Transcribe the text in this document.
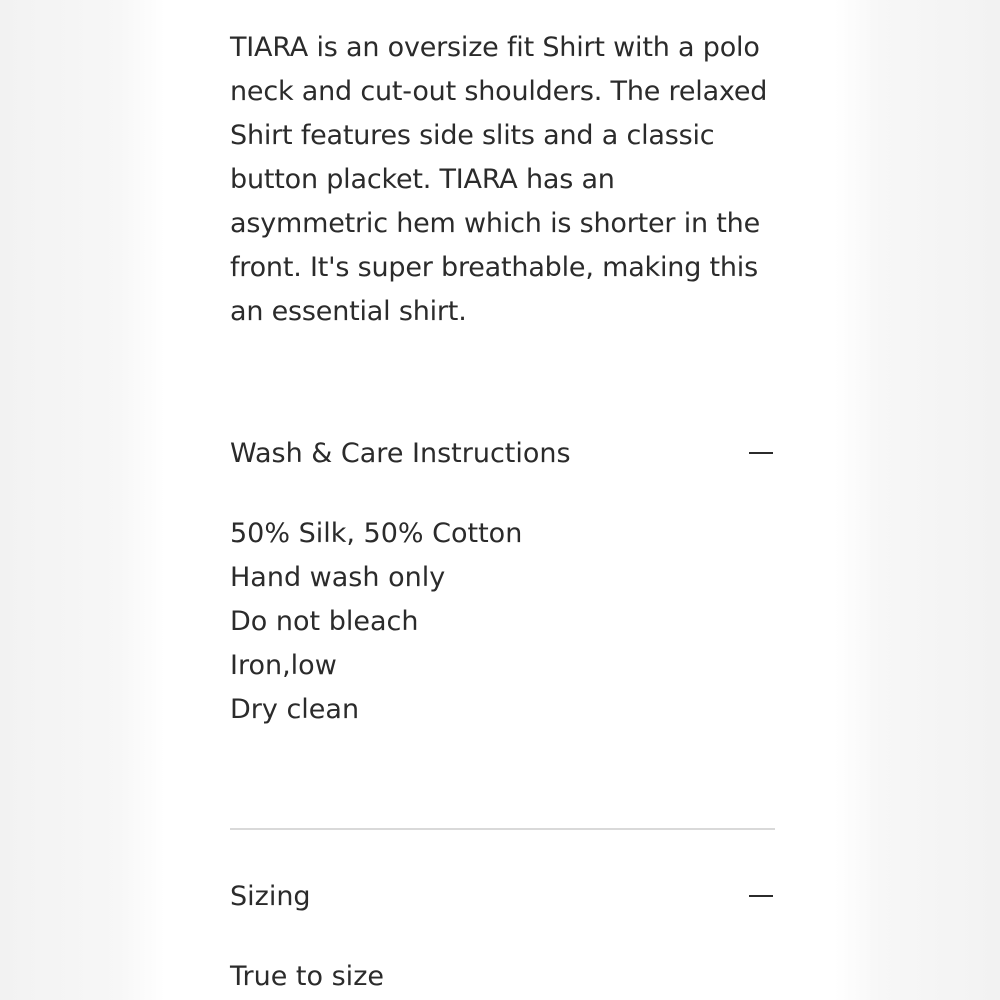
TIARA is an oversize fit Shirt with a polo neck and cut-out shoulders. The relaxed Shirt features side slits and a classic button placket. TIARA has an asymmetric hem which is shorter in the front. It's super breathable, making this an essential shirt.

Wash & Care Instructions
50% Silk, 50% Cotton
Hand wash only
Do not bleach
Iron,low
Dry clean
Sizing
True to size
